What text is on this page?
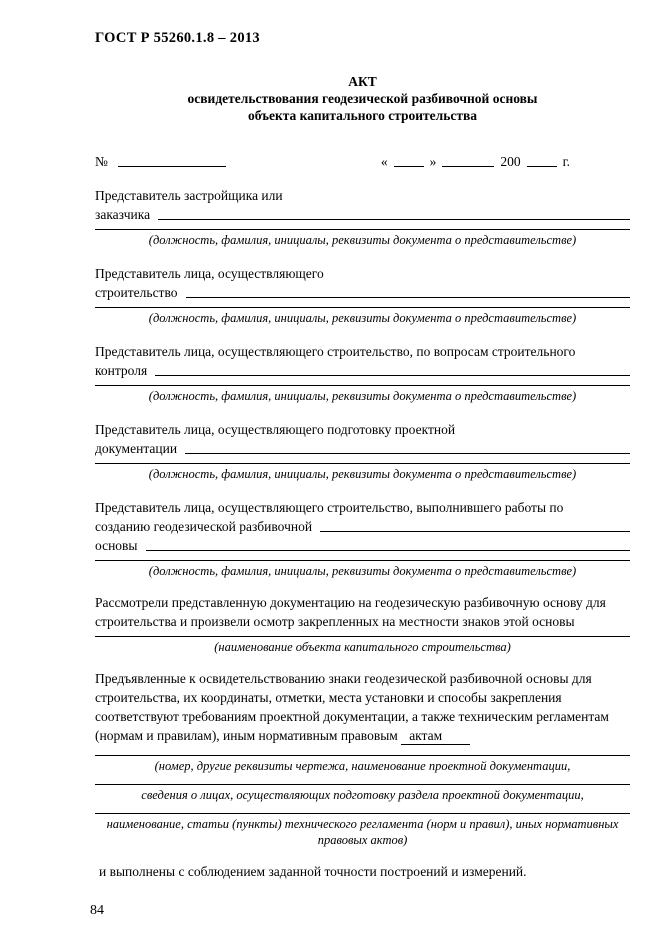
ГОСТ Р 55260.1.8 – 2013
АКТ
освидетельствования геодезической разбивочной основы
объекта капитального строительства
№	«	»	200	г.
Представитель застройщика или
заказчика
(должность, фамилия, инициалы, реквизиты документа о представительстве)
Представитель лица, осуществляющего
строительство
(должность, фамилия, инициалы, реквизиты документа о представительстве)
Представитель лица, осуществляющего строительство, по вопросам строительного
контроля
(должность, фамилия, инициалы, реквизиты документа о представительстве)
Представитель лица, осуществляющего подготовку проектной
документации
(должность, фамилия, инициалы, реквизиты документа о представительстве)
Представитель лица, осуществляющего строительство, выполнившего работы по
созданию геодезической разбивочной
основы
(должность, фамилия, инициалы, реквизиты документа о представительстве)
Рассмотрели представленную документацию на геодезическую разбивочную основу для строительства и произвели осмотр закрепленных на местности знаков этой основы
(наименование объекта капитального строительства)
Предъявленные к освидетельствованию знаки геодезической разбивочной основы для строительства, их координаты, отметки, места установки и способы закрепления соответствуют требованиям проектной документации, а также техническим регламентам (нормам и правилам), иным нормативным правовым актам
(номер, другие реквизиты чертежа, наименование проектной документации,
сведения о лицах, осуществляющих подготовку раздела проектной документации,
наименование, статьи (пункты) технического регламента (норм и правил), иных нормативных правовых актов)
и выполнены с соблюдением заданной точности построений и измерений.
84
